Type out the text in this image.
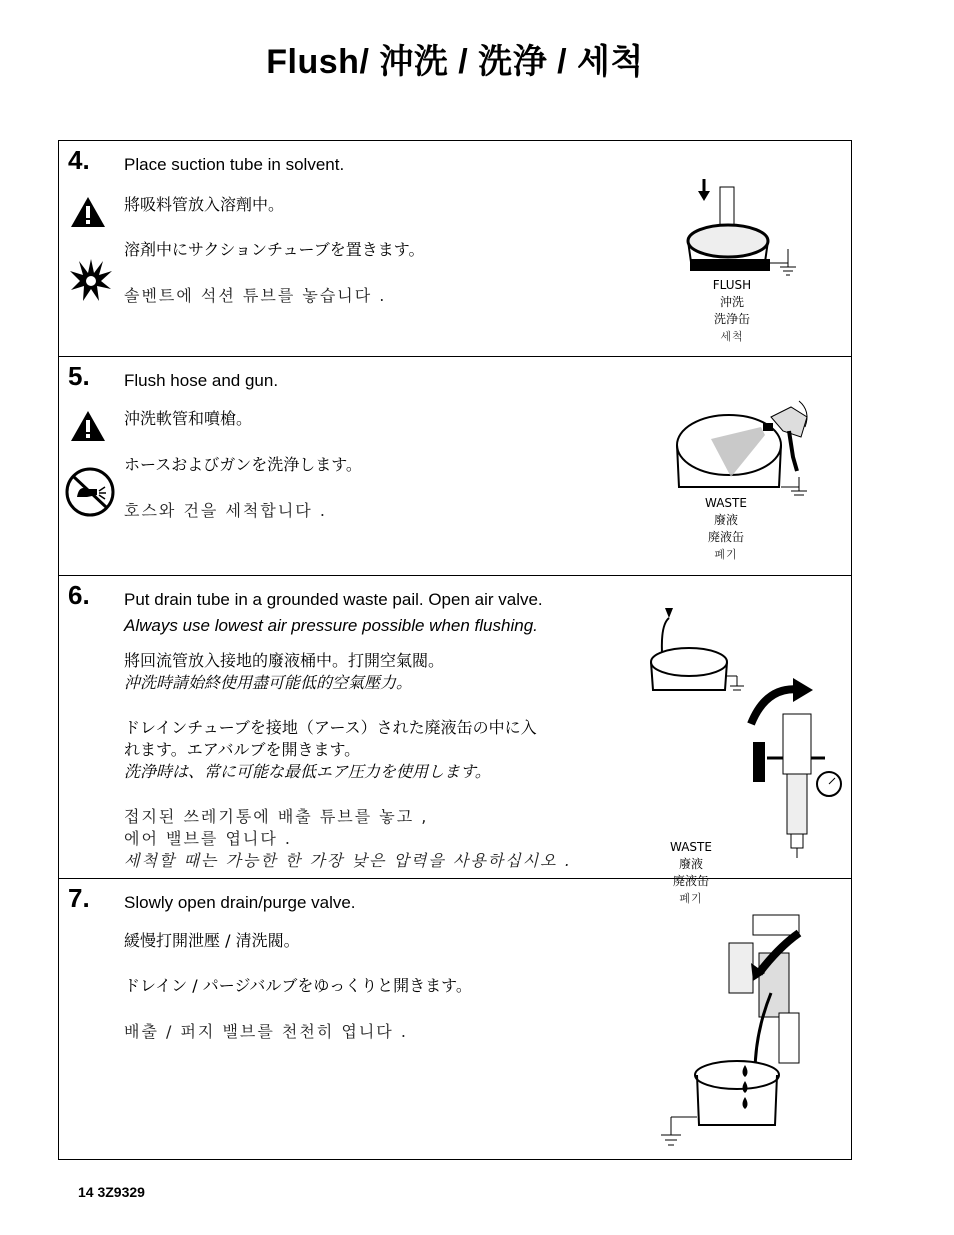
Flush/ 沖洗 / 洗浄 / 세척
4. Place suction tube in solvent.
將吸料管放入溶劑中。
溶剤中にサクションチューブを置きます。
솔벤트에 석션 튜브를 놓습니다 .
FLUSH
沖洗
洗浄缶
세척
5. Flush hose and gun.
沖洗軟管和噴槍。
ホースおよびガンを洗浄します。
호스와 건을 세척합니다 .	WASTE
廢液
廃液缶
폐기
6. Put drain tube in a grounded waste pail. Open air valve.
Always use lowest air pressure possible when flushing.
將回流管放入接地的廢液桶中。打開空氣閥。
沖洗時請始終使用盡可能低的空氣壓力。
ドレインチューブを接地（アース）された廃液缶の中に入
れます。エアバルブを開きます。
洗浄時は、常に可能な最低エア圧力を使用します。
접지된 쓰레기통에 배출 튜브를 놓고 ,
에어 밸브를 엽니다 .
세척할 때는 가능한 한 가장 낮은 압력을 사용하십시오 .
WASTE
廢液
廃液缶
폐기
7. Slowly open drain/purge valve.
緩慢打開泄壓 / 清洗閥。
ドレイン / パージバルブをゆっくりと開きます。
배출 / 퍼지 밸브를 천천히 엽니다 .
14 3Z9329
